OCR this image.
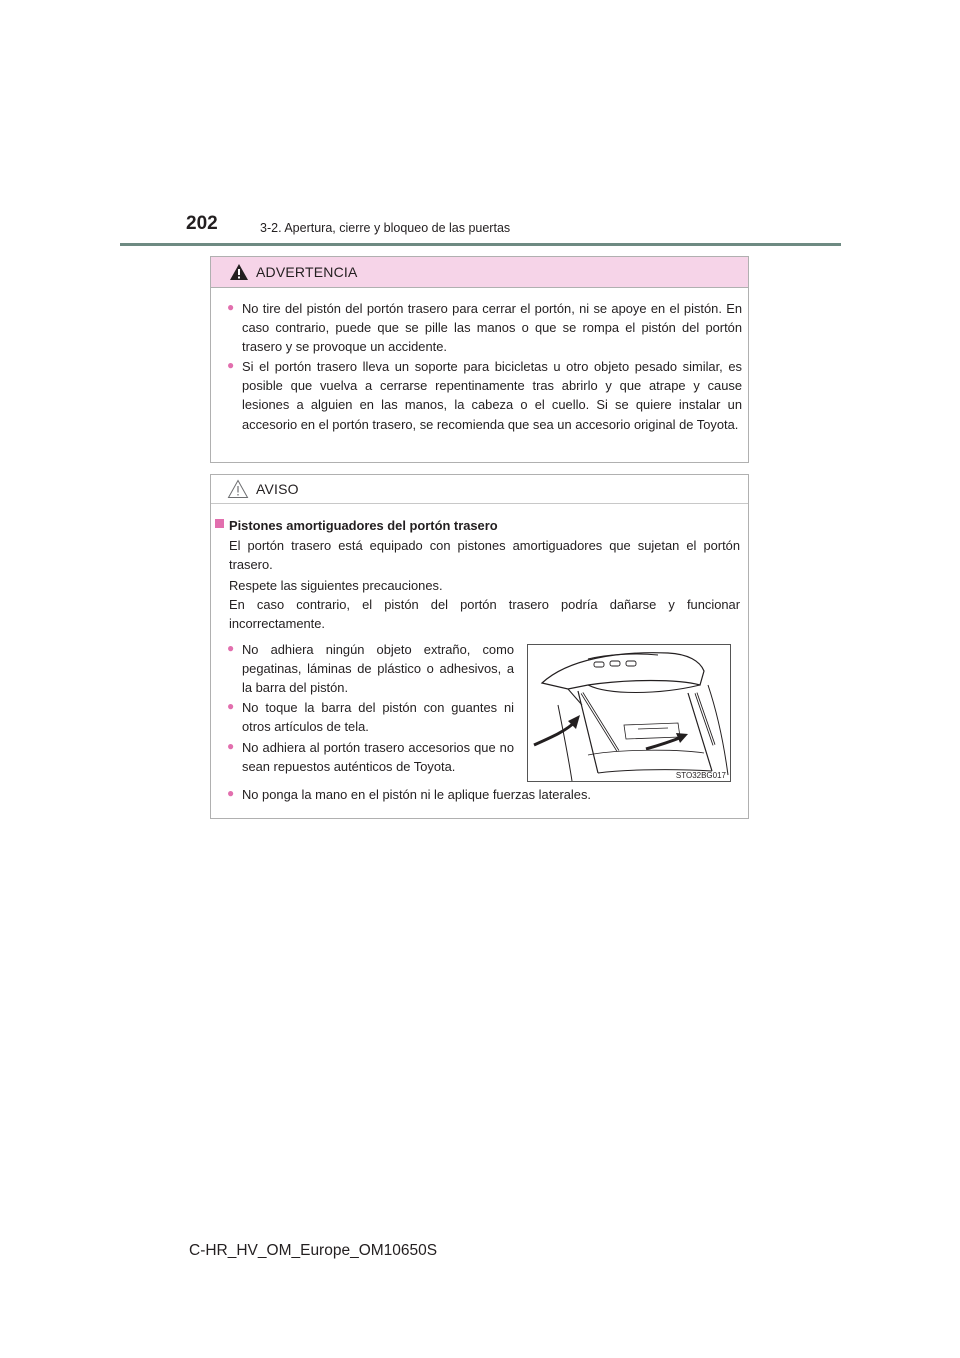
202	3-2. Apertura, cierre y bloqueo de las puertas
ADVERTENCIA
● No tire del pistón del portón trasero para cerrar el portón, ni se apoye en el pistón. En caso contrario, puede que se pille las manos o que se rompa el pistón del portón trasero y se provoque un accidente.
● Si el portón trasero lleva un soporte para bicicletas u otro objeto pesado similar, es posible que vuelva a cerrarse repentinamente tras abrirlo y que atrape y cause lesiones a alguien en las manos, la cabeza o el cuello. Si se quiere instalar un accesorio en el portón trasero, se recomienda que sea un accesorio original de Toyota.
AVISO
Pistones amortiguadores del portón trasero
El portón trasero está equipado con pistones amortiguadores que sujetan el portón trasero.
Respete las siguientes precauciones.
En caso contrario, el pistón del portón trasero podría dañarse y funcionar incorrectamente.
● No adhiera ningún objeto extraño, como pegatinas, láminas de plástico o adhesivos, a la barra del pistón.
● No toque la barra del pistón con guantes ni otros artículos de tela.
● No adhiera al portón trasero accesorios que no sean repuestos auténticos de Toyota.
● No ponga la mano en el pistón ni le aplique fuerzas laterales.
STO32BG017
C-HR_HV_OM_Europe_OM10650S
